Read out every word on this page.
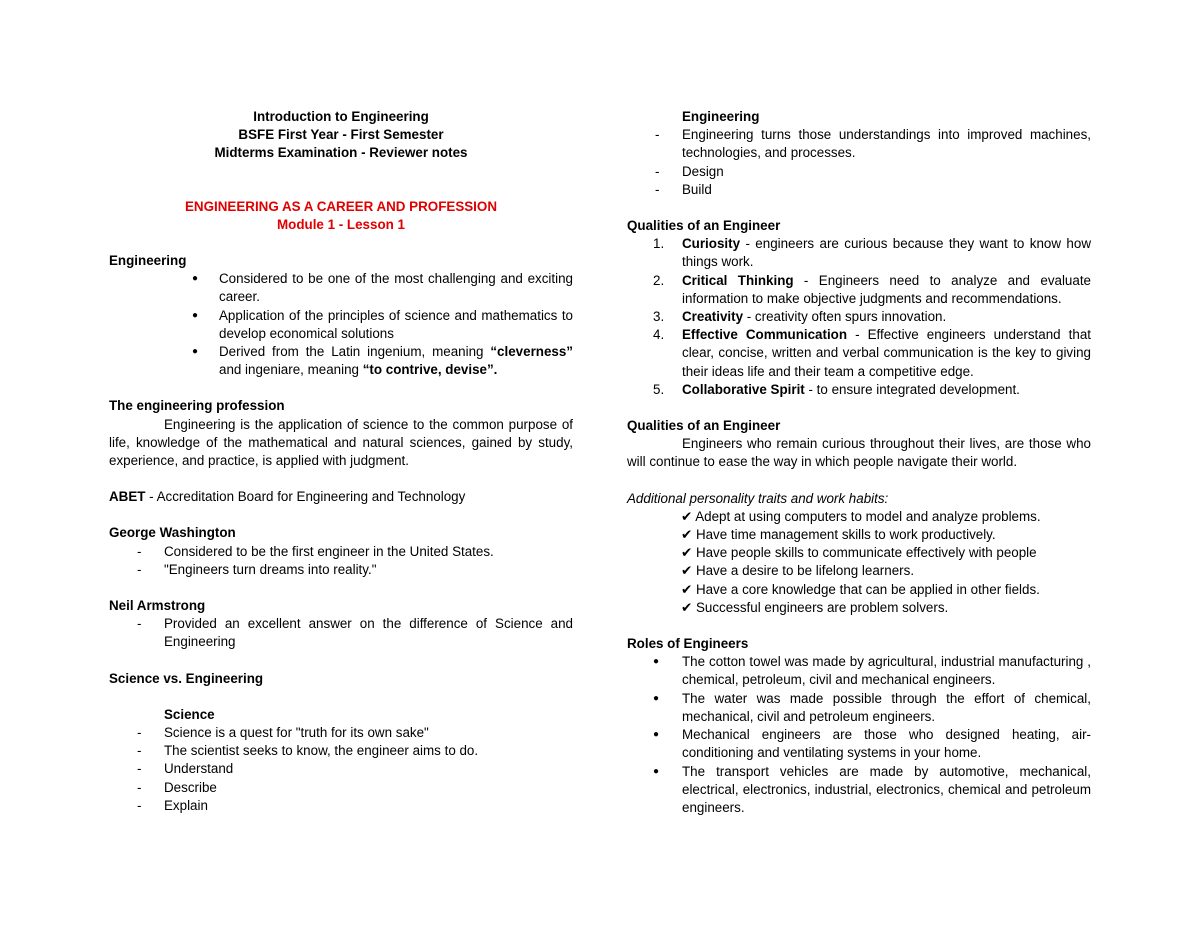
Introduction to Engineering
BSFE First Year - First Semester
Midterms Examination - Reviewer notes
ENGINEERING AS A CAREER AND PROFESSION
Module 1 - Lesson 1
Engineering
● Considered to be one of the most challenging and exciting career.
● Application of the principles of science and mathematics to develop economical solutions
● Derived from the Latin ingenium, meaning “cleverness” and ingeniare, meaning “to contrive, devise”.
The engineering profession
Engineering is the application of science to the common purpose of life, knowledge of the mathematical and natural sciences, gained by study, experience, and practice, is applied with judgment.
ABET - Accreditation Board for Engineering and Technology
George Washington
- Considered to be the first engineer in the United States.
- "Engineers turn dreams into reality."
Neil Armstrong
- Provided an excellent answer on the difference of Science and Engineering
Science vs. Engineering
Science
- Science is a quest for "truth for its own sake"
- The scientist seeks to know, the engineer aims to do.
- Understand
- Describe
- Explain
Engineering
- Engineering turns those understandings into improved machines, technologies, and processes.
- Design
- Build
Qualities of an Engineer
1. Curiosity - engineers are curious because they want to know how things work.
2. Critical Thinking - Engineers need to analyze and evaluate information to make objective judgments and recommendations.
3. Creativity - creativity often spurs innovation.
4. Effective Communication - Effective engineers understand that clear, concise, written and verbal communication is the key to giving their ideas life and their team a competitive edge.
5. Collaborative Spirit - to ensure integrated development.
Qualities of an Engineer
Engineers who remain curious throughout their lives, are those who will continue to ease the way in which people navigate their world.
Additional personality traits and work habits:
✔ Adept at using computers to model and analyze problems.
✔ Have time management skills to work productively.
✔ Have people skills to communicate effectively with people
✔ Have a desire to be lifelong learners.
✔ Have a core knowledge that can be applied in other fields.
✔ Successful engineers are problem solvers.
Roles of Engineers
● The cotton towel was made by agricultural, industrial manufacturing , chemical, petroleum, civil and mechanical engineers.
● The water was made possible through the effort of chemical, mechanical, civil and petroleum engineers.
● Mechanical engineers are those who designed heating, air-conditioning and ventilating systems in your home.
● The transport vehicles are made by automotive, mechanical, electrical, electronics, industrial, electronics, chemical and petroleum engineers.
